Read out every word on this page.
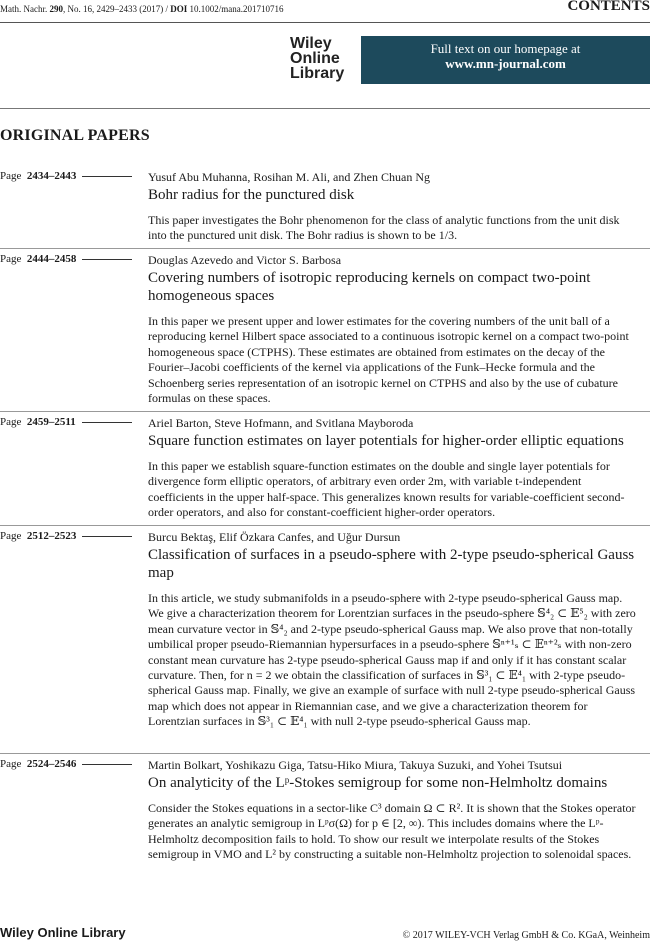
Math. Nachr. 290, No. 16, 2429–2433 (2017) / DOI 10.1002/mana.201710716	CONTENTS
Wiley
Online
Library
Full text on our homepage at
www.mn-journal.com
ORIGINAL PAPERS
Page 2434–2443	Yusuf Abu Muhanna, Rosihan M. Ali, and Zhen Chuan Ng
Bohr radius for the punctured disk
This paper investigates the Bohr phenomenon for the class of analytic functions from the unit disk into the punctured unit disk. The Bohr radius is shown to be 1/3.
Page 2444–2458	Douglas Azevedo and Victor S. Barbosa
Covering numbers of isotropic reproducing kernels on compact two-point homogeneous spaces
In this paper we present upper and lower estimates for the covering numbers of the unit ball of a reproducing kernel Hilbert space associated to a continuous isotropic kernel on a compact two-point homogeneous space (CTPHS). These estimates are obtained from estimates on the decay of the Fourier–Jacobi coefficients of the kernel via applications of the Funk–Hecke formula and the Schoenberg series representation of an isotropic kernel on CTPHS and also by the use of cubature formulas on these spaces.
Page 2459–2511	Ariel Barton, Steve Hofmann, and Svitlana Mayboroda
Square function estimates on layer potentials for higher-order elliptic equations
In this paper we establish square-function estimates on the double and single layer potentials for divergence form elliptic operators, of arbitrary even order 2m, with variable t-independent coefficients in the upper half-space. This generalizes known results for variable-coefficient second-order operators, and also for constant-coefficient higher-order operators.
Page 2512–2523	Burcu Bektaş, Elif Özkara Canfes, and Uğur Dursun
Classification of surfaces in a pseudo-sphere with 2-type pseudo-spherical Gauss map
In this article, we study submanifolds in a pseudo-sphere with 2-type pseudo-spherical Gauss map. We give a characterization theorem for Lorentzian surfaces in the pseudo-sphere 𝕊⁴₂ ⊂ 𝔼⁵₂ with zero mean curvature vector in 𝕊⁴₂ and 2-type pseudo-spherical Gauss map. We also prove that non-totally umbilical proper pseudo-Riemannian hypersurfaces in a pseudo-sphere 𝕊ⁿ⁺¹ₛ ⊂ 𝔼ⁿ⁺²ₛ with non-zero constant mean curvature has 2-type pseudo-spherical Gauss map if and only if it has constant scalar curvature. Then, for n = 2 we obtain the classification of surfaces in 𝕊³₁ ⊂ 𝔼⁴₁ with 2-type pseudo-spherical Gauss map. Finally, we give an example of surface with null 2-type pseudo-spherical Gauss map which does not appear in Riemannian case, and we give a characterization theorem for Lorentzian surfaces in 𝕊³₁ ⊂ 𝔼⁴₁ with null 2-type pseudo-spherical Gauss map.
Page 2524–2546	Martin Bolkart, Yoshikazu Giga, Tatsu-Hiko Miura, Takuya Suzuki, and Yohei Tsutsui
On analyticity of the Lᵖ-Stokes semigroup for some non-Helmholtz domains
Consider the Stokes equations in a sector-like C³ domain Ω ⊂ R². It is shown that the Stokes operator generates an analytic semigroup in Lᵖσ(Ω) for p ∈ [2, ∞). This includes domains where the Lᵖ-Helmholtz decomposition fails to hold. To show our result we interpolate results of the Stokes semigroup in VMO and L² by constructing a suitable non-Helmholtz projection to solenoidal spaces.
Wiley Online Library	© 2017 WILEY-VCH Verlag GmbH & Co. KGaA, Weinheim
